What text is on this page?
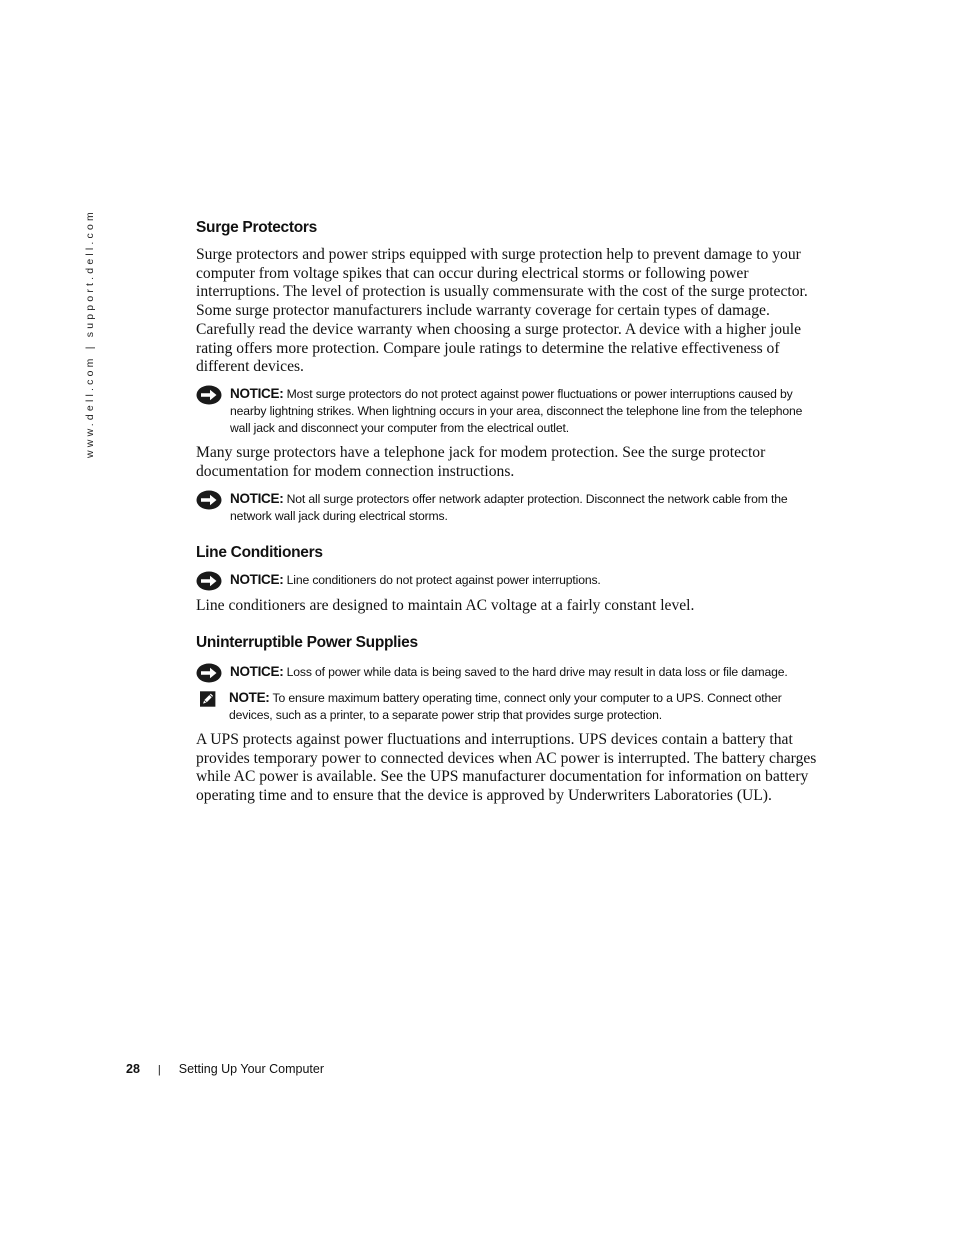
www.dell.com | support.dell.com	Surge Protectors
Surge protectors and power strips equipped with surge protection help to prevent damage to your computer from voltage spikes that can occur during electrical storms or following power interruptions. The level of protection is usually commensurate with the cost of the surge protector. Some surge protector manufacturers include warranty coverage for certain types of damage. Carefully read the device warranty when choosing a surge protector. A device with a higher joule rating offers more protection. Compare joule ratings to determine the relative effectiveness of different devices.
NOTICE: Most surge protectors do not protect against power fluctuations or power interruptions caused by nearby lightning strikes. When lightning occurs in your area, disconnect the telephone line from the telephone wall jack and disconnect your computer from the electrical outlet.
Many surge protectors have a telephone jack for modem protection. See the surge protector documentation for modem connection instructions.
NOTICE: Not all surge protectors offer network adapter protection. Disconnect the network cable from the network wall jack during electrical storms.
Line Conditioners
NOTICE: Line conditioners do not protect against power interruptions.
Line conditioners are designed to maintain AC voltage at a fairly constant level.
Uninterruptible Power Supplies
NOTICE: Loss of power while data is being saved to the hard drive may result in data loss or file damage.
NOTE: To ensure maximum battery operating time, connect only your computer to a UPS. Connect other devices, such as a printer, to a separate power strip that provides surge protection.
A UPS protects against power fluctuations and interruptions. UPS devices contain a battery that provides temporary power to connected devices when AC power is interrupted. The battery charges while AC power is available. See the UPS manufacturer documentation for information on battery operating time and to ensure that the device is approved by Underwriters Laboratories (UL).
28 | Setting Up Your Computer
